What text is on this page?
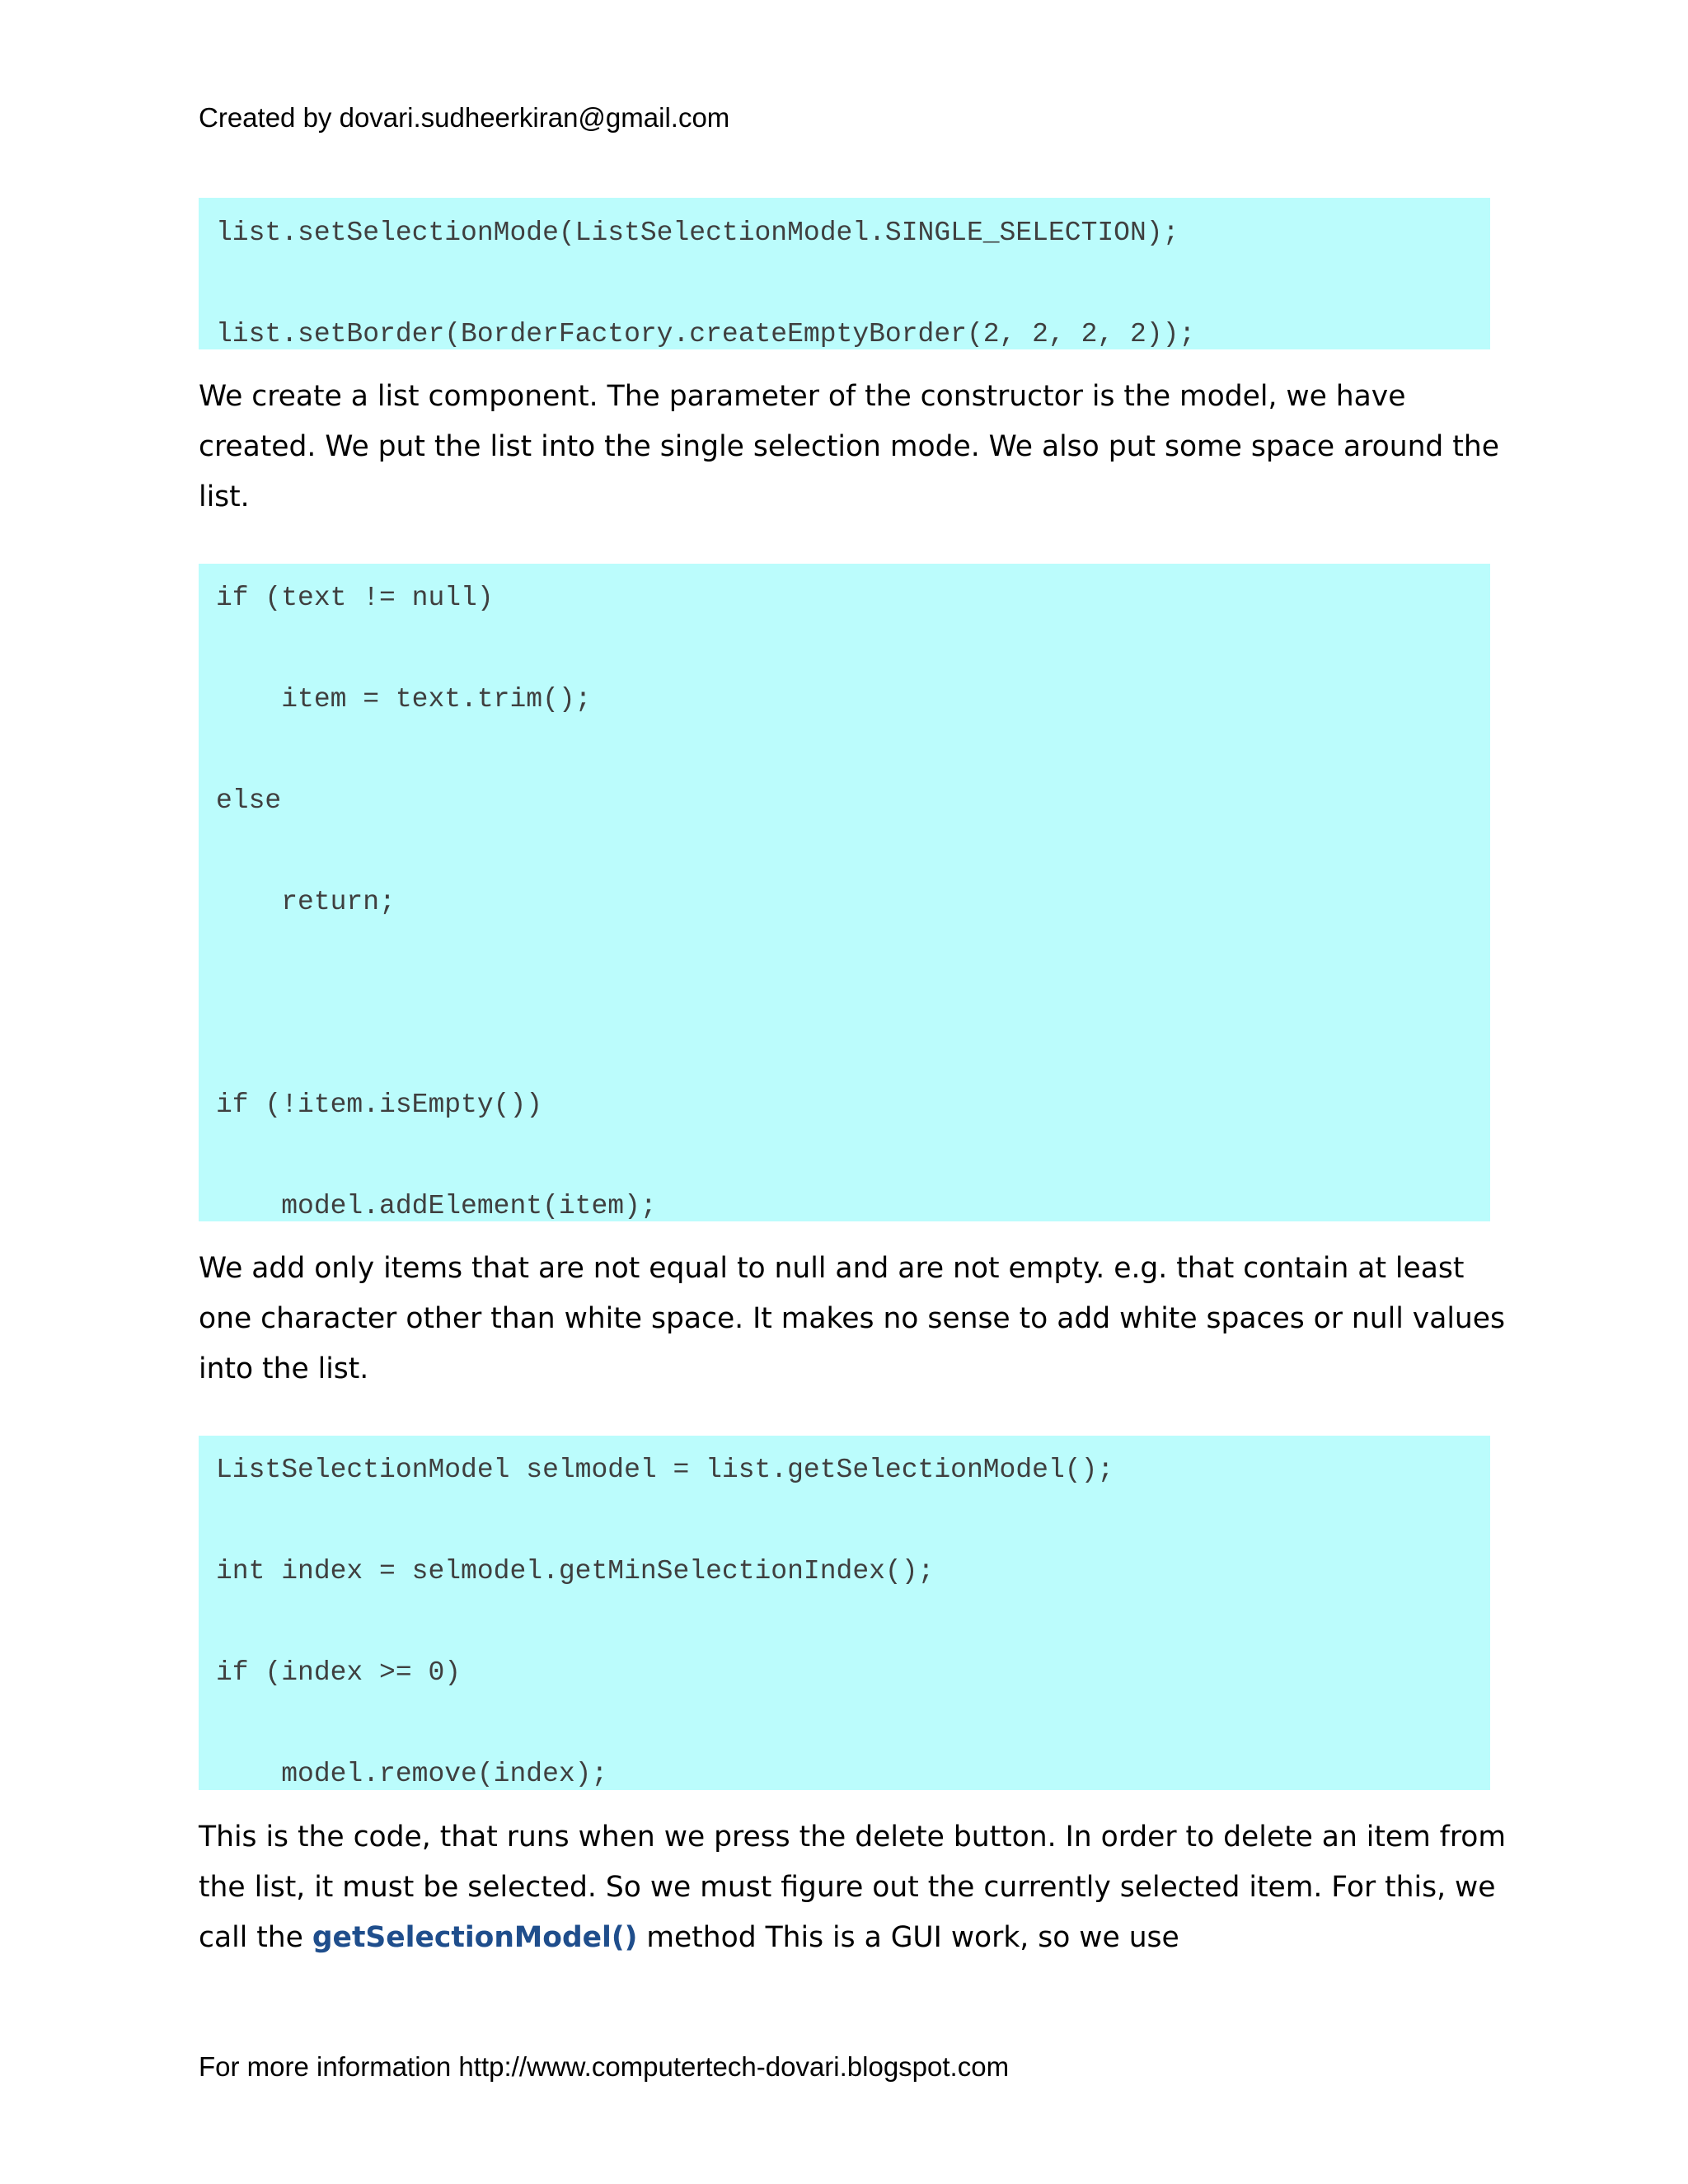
Created by dovari.sudheerkiran@gmail.com
list.setSelectionMode(ListSelectionModel.SINGLE_SELECTION);
list.setBorder(BorderFactory.createEmptyBorder(2, 2, 2, 2));
We create a list component. The parameter of the constructor is the model, we have
created. We put the list into the single selection mode. We also put some space around the
list.
if (text != null)
item = text.trim();
else
return;
if (!item.isEmpty())
model.addElement(item);
We add only items that are not equal to null and are not empty. e.g. that contain at least
one character other than white space. It makes no sense to add white spaces or null values
into the list.
ListSelectionModel selmodel = list.getSelectionModel();
int index = selmodel.getMinSelectionIndex();
if (index >= 0)
model.remove(index);
This is the code, that runs when we press the delete button. In order to delete an item from
the list, it must be selected. So we must figure out the currently selected item. For this, we
call the getSelectionModel() method This is a GUI work, so we use
For more information http://www.computertech-dovari.blogspot.com
